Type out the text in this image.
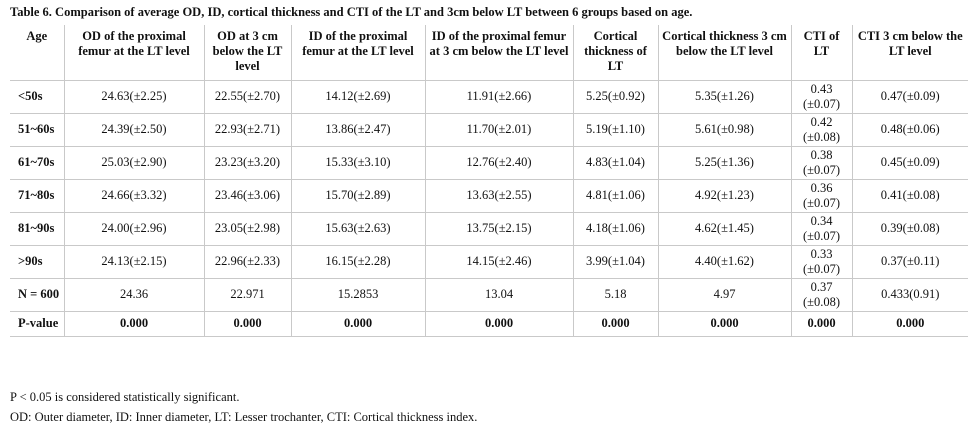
Table 6. Comparison of average OD, ID, cortical thickness and CTI of the LT and 3cm below LT between 6 groups based on age.
Age	OD of the proximal femur at the LT level	OD at 3 cm below the LT level	ID of the proximal femur at the LT level	ID of the proximal femur at 3 cm below the LT level	Cortical thickness of LT	Cortical thickness 3 cm below the LT level	CTI of LT	CTI 3 cm below the LT level
<50s	24.63(±2.25)	22.55(±2.70)	14.12(±2.69)	11.91(±2.66)	5.25(±0.92)	5.35(±1.26)	0.43 (±0.07)	0.47(±0.09)
51~60s	24.39(±2.50)	22.93(±2.71)	13.86(±2.47)	11.70(±2.01)	5.19(±1.10)	5.61(±0.98)	0.42 (±0.08)	0.48(±0.06)
61~70s	25.03(±2.90)	23.23(±3.20)	15.33(±3.10)	12.76(±2.40)	4.83(±1.04)	5.25(±1.36)	0.38 (±0.07)	0.45(±0.09)
71~80s	24.66(±3.32)	23.46(±3.06)	15.70(±2.89)	13.63(±2.55)	4.81(±1.06)	4.92(±1.23)	0.36 (±0.07)	0.41(±0.08)
81~90s	24.00(±2.96)	23.05(±2.98)	15.63(±2.63)	13.75(±2.15)	4.18(±1.06)	4.62(±1.45)	0.34 (±0.07)	0.39(±0.08)
>90s	24.13(±2.15)	22.96(±2.33)	16.15(±2.28)	14.15(±2.46)	3.99(±1.04)	4.40(±1.62)	0.33 (±0.07)	0.37(±0.11)
N = 600	24.36	22.971	15.2853	13.04	5.18	4.97	0.37 (±0.08)	0.433(0.91)
P-value	0.000	0.000	0.000	0.000	0.000	0.000	0.000	0.000
P < 0.05 is considered statistically significant.
OD: Outer diameter, ID: Inner diameter, LT: Lesser trochanter, CTI: Cortical thickness index.
